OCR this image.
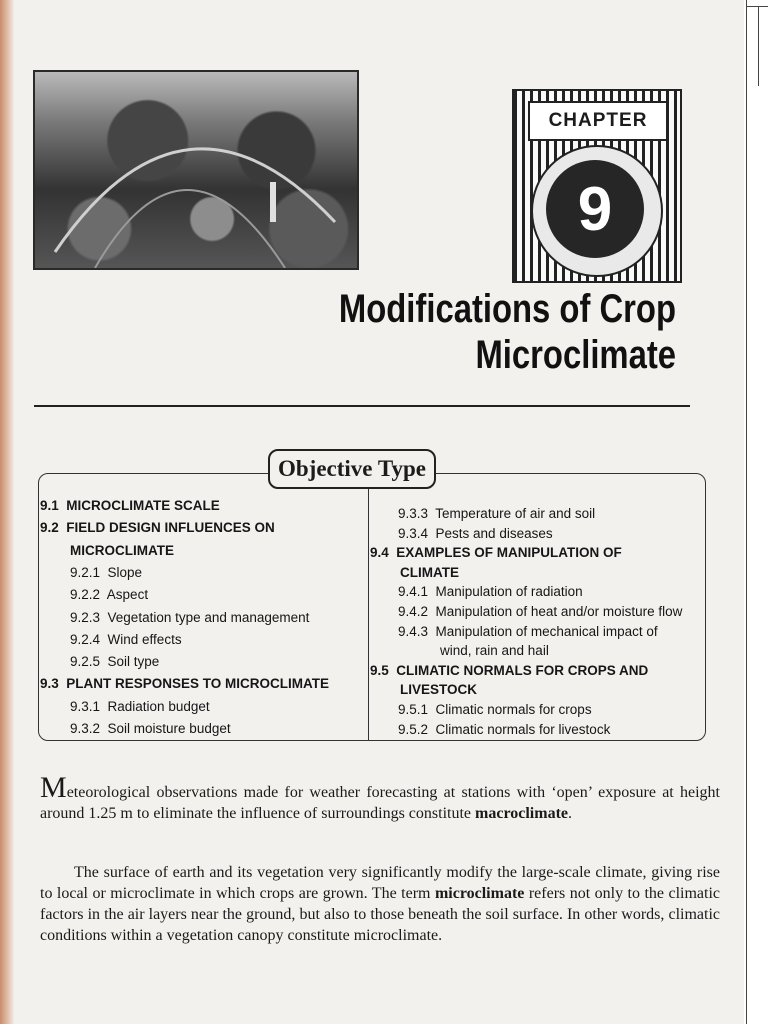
CHAPTER
9
Modifications of Crop
Microclimate
Objective Type
9.1  MICROCLIMATE SCALE
9.2  FIELD DESIGN INFLUENCES ON
MICROCLIMATE
9.2.1  Slope
9.2.2  Aspect
9.2.3  Vegetation type and management
9.2.4  Wind effects
9.2.5  Soil type
9.3  PLANT RESPONSES TO MICROCLIMATE
9.3.1  Radiation budget
9.3.2  Soil moisture budget
9.3.3  Temperature of air and soil
9.3.4  Pests and diseases
9.4  EXAMPLES OF MANIPULATION OF
CLIMATE
9.4.1  Manipulation of radiation
9.4.2  Manipulation of heat and/or moisture flow
9.4.3  Manipulation of mechanical impact of
wind, rain and hail
9.5  CLIMATIC NORMALS FOR CROPS AND
LIVESTOCK
9.5.1  Climatic normals for crops
9.5.2  Climatic normals for livestock
Meteorological observations made for weather forecasting at stations with ‘open’ exposure at height around 1.25 m to eliminate the influence of surroundings constitute macroclimate.
The surface of earth and its vegetation very significantly modify the large-scale climate, giving rise to local or microclimate in which crops are grown. The term microclimate refers not only to the climatic factors in the air layers near the ground, but also to those beneath the soil surface. In other words, climatic conditions within a vegetation canopy constitute microclimate.
